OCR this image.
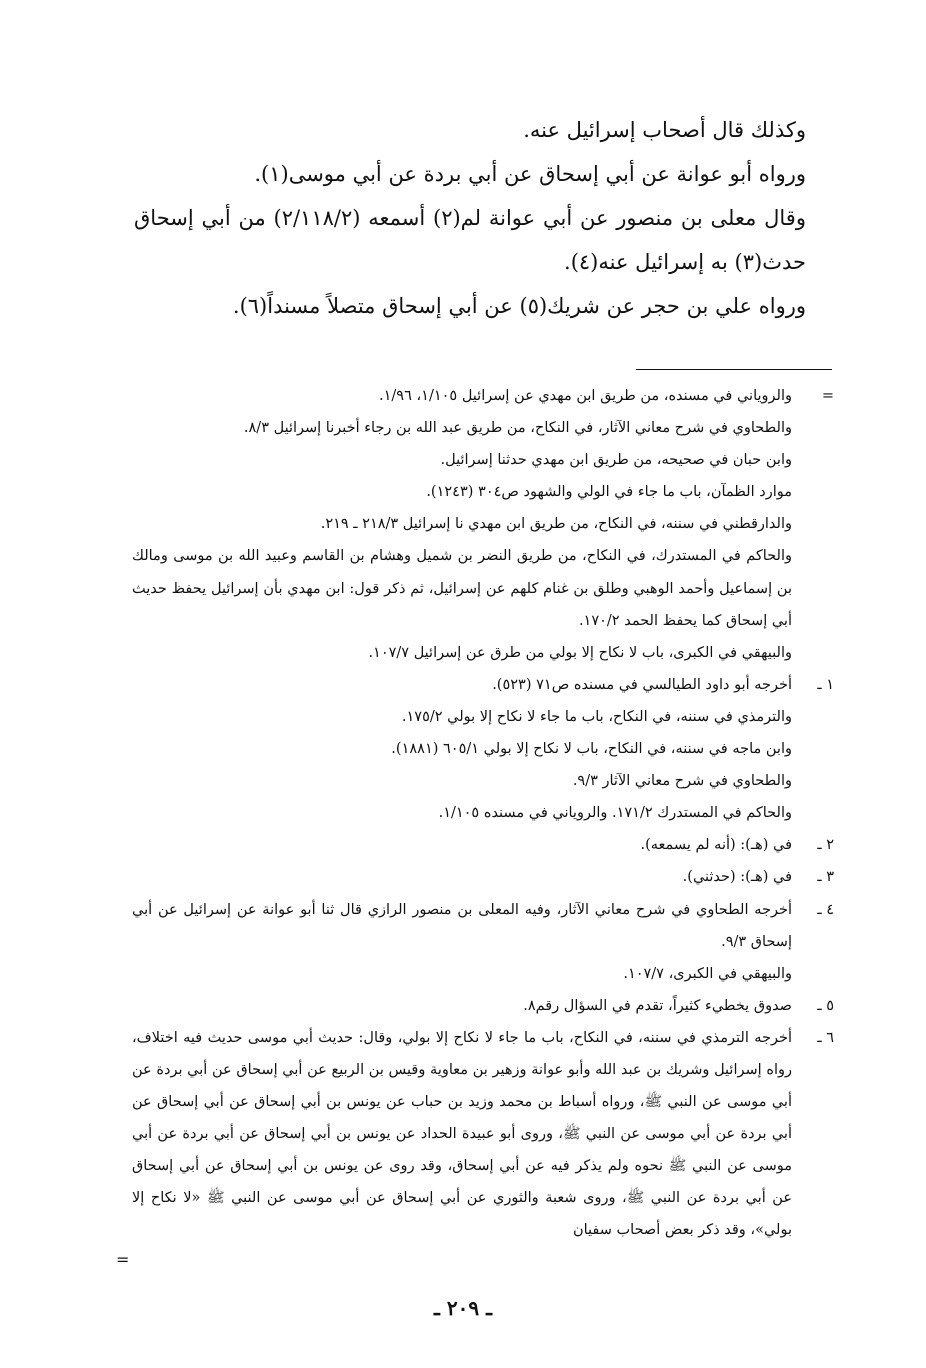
وكذلك قال أصحاب إسرائيل عنه.

ورواه أبو عوانة عن أبي إسحاق عن أبي بردة عن أبي موسى(١).

وقال معلى بن منصور عن أبي عوانة لم(٢) أسمعه (٢/١١٨/٢) من أبي إسحاق حدث(٣) به إسرائيل عنه(٤).

ورواه علي بن حجر عن شريك(٥) عن أبي إسحاق متصلاً مسنداً(٦).

=
والروياني في مسنده، من طريق ابن مهدي عن إسرائيل ١/١٠٥، ١/٩٦.
والطحاوي في شرح معاني الآثار، في النكاح، من طريق عبد الله بن رجاء أخبرنا إسرائيل ٨/٣.
وابن حبان في صحيحه، من طريق ابن مهدي حدثنا إسرائيل.
موارد الظمآن، باب ما جاء في الولي والشهود ص٣٠٤ (١٢٤٣).
والدارقطني في سننه، في النكاح، من طريق ابن مهدي نا إسرائيل ٢١٨/٣ ـ ٢١٩.
والحاكم في المستدرك، في النكاح، من طريق النضر بن شميل وهشام بن القاسم وعبيد الله بن موسى ومالك بن إسماعيل وأحمد الوهبي وطلق بن غنام كلهم عن إسرائيل، ثم ذكر قول: ابن مهدي بأن إسرائيل يحفظ حديث أبي إسحاق كما يحفظ الحمد ١٧٠/٢.
والبيهقي في الكبرى، باب لا نكاح إلا بولي من طرق عن إسرائيل ١٠٧/٧.
١ ـ
أخرجه أبو داود الطيالسي في مسنده ص٧١ (٥٢٣).
والترمذي في سننه، في النكاح، باب ما جاء لا نكاح إلا بولي ١٧٥/٢.
وابن ماجه في سننه، في النكاح، باب لا نكاح إلا بولي ٦٠٥/١ (١٨٨١).
والطحاوي في شرح معاني الآثار ٩/٣.
والحاكم في المستدرك ١٧١/٢. والروياني في مسنده ١/١٠٥.
٢ ـ
في (هـ): (أنه لم يسمعه).
٣ ـ
في (هـ): (حدثني).
٤ ـ
أخرجه الطحاوي في شرح معاني الآثار، وفيه المعلى بن منصور الرازي قال ثنا أبو عوانة عن إسرائيل عن أبي إسحاق ٩/٣.
والبيهقي في الكبرى، ١٠٧/٧.
٥ ـ
صدوق يخطيء كثيراً، تقدم في السؤال رقم٨.
٦ ـ
أخرجه الترمذي في سننه، في النكاح، باب ما جاء لا نكاح إلا بولي، وقال: حديث أبي موسى حديث فيه اختلاف، رواه إسرائيل وشريك بن عبد الله وأبو عوانة وزهير بن معاوية وقيس بن الربيع عن أبي إسحاق عن أبي بردة عن أبي موسى عن النبي ﷺ، ورواه أسباط بن محمد وزيد بن حباب عن يونس بن أبي إسحاق عن أبي إسحاق عن أبي بردة عن أبي موسى عن النبي ﷺ، وروى أبو عبيدة الحداد عن يونس بن أبي إسحاق عن أبي بردة عن أبي موسى عن النبي ﷺ نحوه ولم يذكر فيه عن أبي إسحاق، وقد روى عن يونس بن أبي إسحاق عن أبي إسحاق عن أبي بردة عن النبي ﷺ، وروى شعبة والثوري عن أبي إسحاق عن أبي موسى عن النبي ﷺ «لا نكاح إلا بولي»، وقد ذكر بعض أصحاب سفيان
=
ـ ٢٠٩ ـ
